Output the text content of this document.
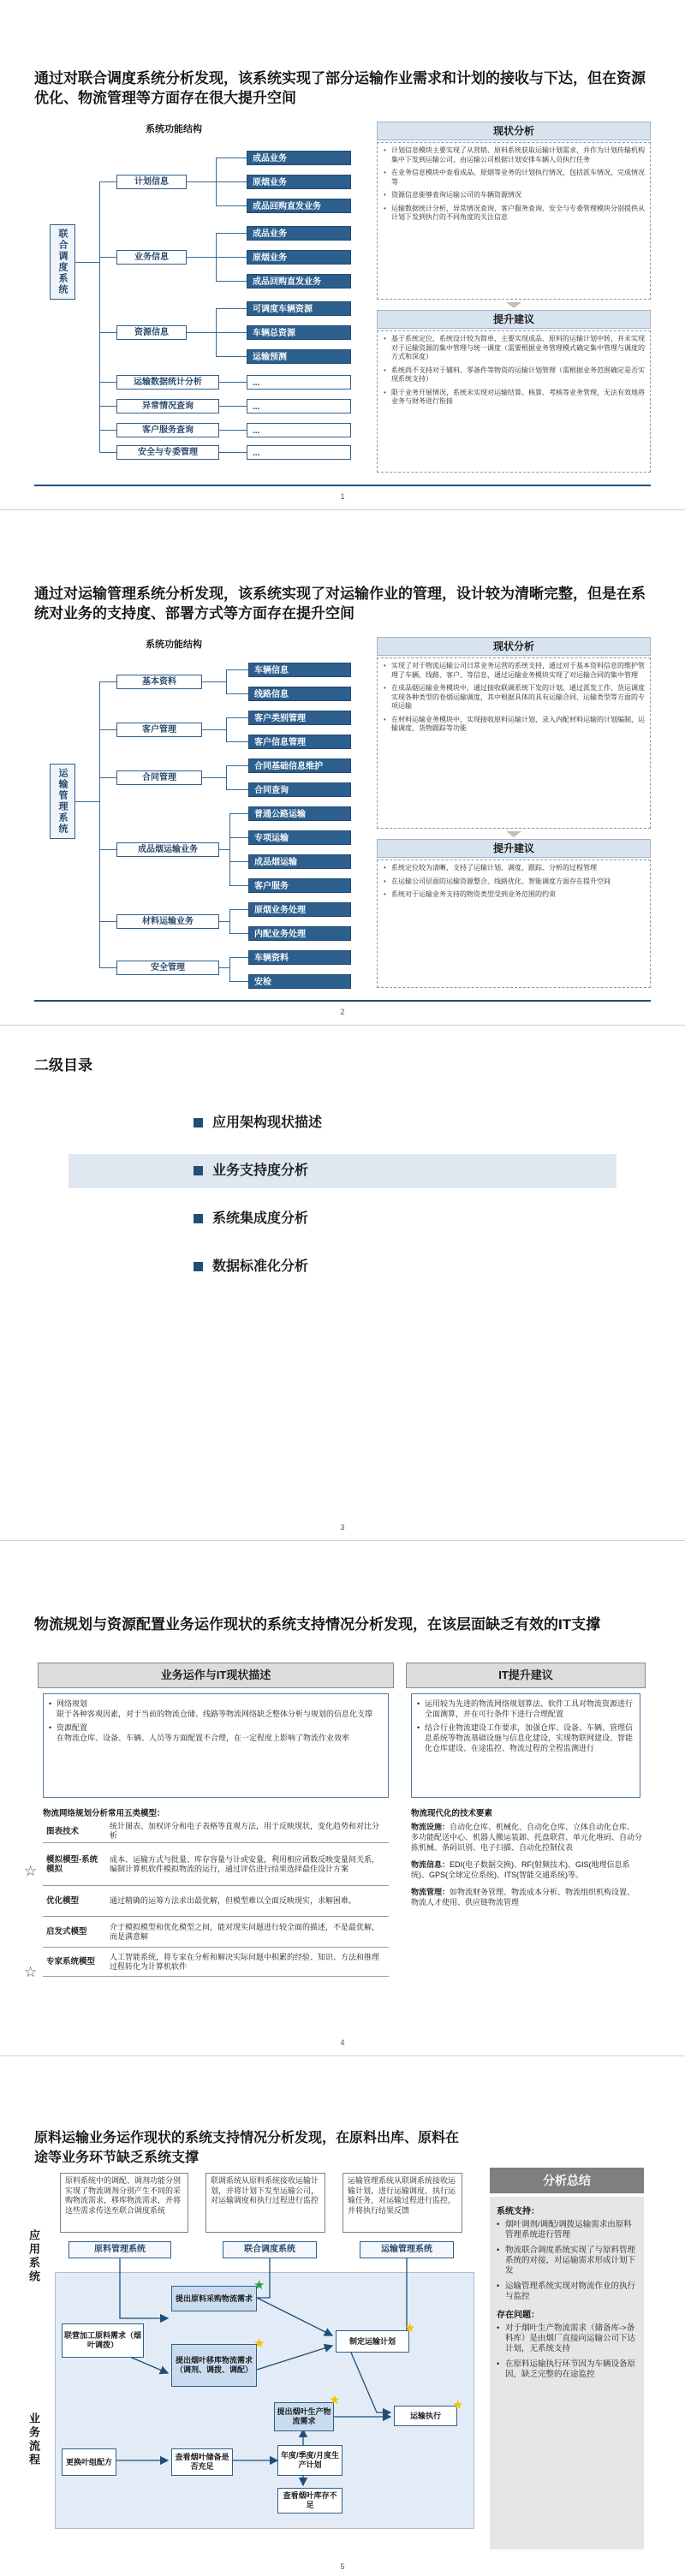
通过对联合调度系统分析发现，该系统实现了部分运输作业需求和计划的接收与下达，但在资源优化、物流管理等方面存在很大提升空间
系统功能结构
联合调度系统
计划信息
成品业务
原烟业务
成品回购直发业务
业务信息
成品业务
原烟业务
成品回购直发业务
资源信息
可调度车辆资源
车辆总资源
运输预测
运输数据统计分析	...
异常情况查询	...
客户服务查询	...
安全与专委管理	...
现状分析
• 计划信息模块主要实现了从营销、原料系统获取运输计划需求，并作为计划传输机构集中下发到运输公司，由运输公司根据计划安排车辆人员执行任务
• 在业务信息模块中查看成品、原烟等业务的计划执行情况，包括派车情况，完成情况等
• 资源信息能够查询运输公司的车辆资源情况
• 运输数据统计分析，异常情况查询，客户服务查询、安全与专委管理模块分别提供从计划下发到执行的不同角度的关注信息
提升建议
• 基于系统定位，系统设计较为简单，主要实现成品、原料的运输计划中转，并未实现对于运输资源的集中管理与统一调度（需要根据业务管理模式确定集中管理与调度的方式和深度）
• 系统尚不支持对于辅料、零备件等物资的运输计划管理（需根据业务范围确定是否实现系统支持）
• 限于业务开展情况，系统未实现对运输结算、核算、考核等业务管理，无法有效地将业务与财务进行衔接
1
通过对运输管理系统分析发现，该系统实现了对运输作业的管理，设计较为清晰完整，但是在系统对业务的支持度、部署方式等方面存在提升空间
系统功能结构
运输管理系统
基本资料
车辆信息
线路信息
客户管理
客户类别管理
客户信息管理
合同管理
合同基础信息维护
合同查询
成品烟运输业务
普通公路运输
专项运输
成品烟运输
客户服务
材料运输业务
原烟业务处理
内配业务处理
安全管理
车辆资料
安检
现状分析
• 实现了对于物流运输公司日常业务运营的系统支持，通过对于基本资料信息的维护管理了车辆、线路、客户、等信息，通过运输业务模块实现了对运输合同的集中管理
• 在成品烟运输业务模块中，通过接收联调系统下发的计划，通过派发工作、货运调度实现各种类型的卷烟运输调度，其中根据具体的具有运输合同、运输类型等方面的专项运输
• 在材料运输业务模块中，实现接收原料运输计划，录入内配材料运输的计划编制，运输调度，货物跟踪等功能
提升建议
• 系统定位较为清晰，支持了运输计划、调度、跟踪、分析的过程管理
• 在运输公司层面的运输资源整合、线路优化、智能调度方面存在提升空间
• 系统对于运输业务支持的物资类型受到业务范围的约束
2
二级目录
应用架构现状描述
业务支持度分析
系统集成度分析
数据标准化分析
3
物流规划与资源配置业务运作现状的系统支持情况分析发现，在该层面缺乏有效的IT支撑
业务运作与IT现状描述

• 网络规划
限于各种客观因素，对于当前的物流仓储、线路等物流网络缺乏整体分析与规划的信息化支撑

• 资源配置
在物流仓库、设备、车辆、人员等方面配置不合理，在一定程度上影响了物流作业效率

IT提升建议

• 运用较为先进的物流网络规划算法、软件工具对物流资源进行全面测算，并在可行条件下进行合理配置

• 结合行业物流建设工作要求，加强仓库、设备、车辆、管理信息系统等物流基础设施与信息化建设，实现物联网建设、智能化仓库建设、在途监控、物流过程的全程监测进行

物流网络规划分析常用五类模型：
图表技术	统计图表、加权评分和电子表格等直观方法，用于反映现状，变化趋势和对比分析
模拟模型-系统模拟	成本、运输方式与批量、库存容量与计或安量，利用相应函数反映变量间关系，编制计算机软件模拟物流的运行，通过评估进行结果选择最佳设计方案
优化模型	通过精确的运筹方法求出最优解，但模型难以全面反映现实，求解困难。
启发式模型	介于模拟模型和优化模型之间，能对现实问题进行较全面的描述，不是最优解，而是满意解
专家系统模型	人工智能系统，将专家在分析和解决实际问题中积累的经验、知识、方法和推理过程转化为计算机软件
☆
☆
物流现代化的技术要素
物流设施：自动化仓库、机械化、自动化仓库、立体自动化仓库、多功能配送中心、机器人搬运装卸、托盘联营、单元化堆码、自动分拣机械、条码识别、电子扫描、自动化控制仪表
物流信息：EDI(电子数据交换)、RF(射频技术)、GIS(地理信息系统)、GPS(全球定位系统)、ITS(智能交通系统)等。
物流管理：如物流财务管理、物流成本分析、物流组织机构设置、物流人才使用、供应链物流管理
4
原料运输业务运作现状的系统支持情况分析发现，在原料出库、原料在途等业务环节缺乏系统支撑
应用系统
业务流程
原料系统中的调配、调剂功能分别实现了物流调剂分别产生不同的采购物流需求，移库物流需求，并将这些需求传送至联合调度系统
联调系统从原料系统接收运输计划，并将计划下发至运输公司，对运输调度和执行过程进行监控
运输管理系统从联调系统接收运输计划，进行运输调度、执行运输任务，对运输过程进行监控，并将执行结果反馈
原料管理系统	联合调度系统	运输管理系统
提出原料采购物流需求
联营加工原料需求（烟叶调拨）
提出烟叶移库物流需求（调剂、调拨、调配）
制定运输计划
提出烟叶生产物流需求
运输执行
更换叶组配方
查看烟叶储备是否充足
年度/季度/月度生产计划
查看烟叶库存不足
★
★
★
★	★
分析总结
系统支持：
• 烟叶调剂/调配/调拨运输需求由原料管理系统进行管理
• 物流联合调度系统实现了与原料管理系统的对接，对运输需求形成计划下发
• 运输管理系统实现对物流作业的执行与监控
存在问题：
• 对于烟叶生产物流需求（储备库->备料库）是由烟厂直接向运输公司下达计划，无系统支持
• 在原料运输执行环节因为车辆设备原因，缺乏完整的在途监控
5
